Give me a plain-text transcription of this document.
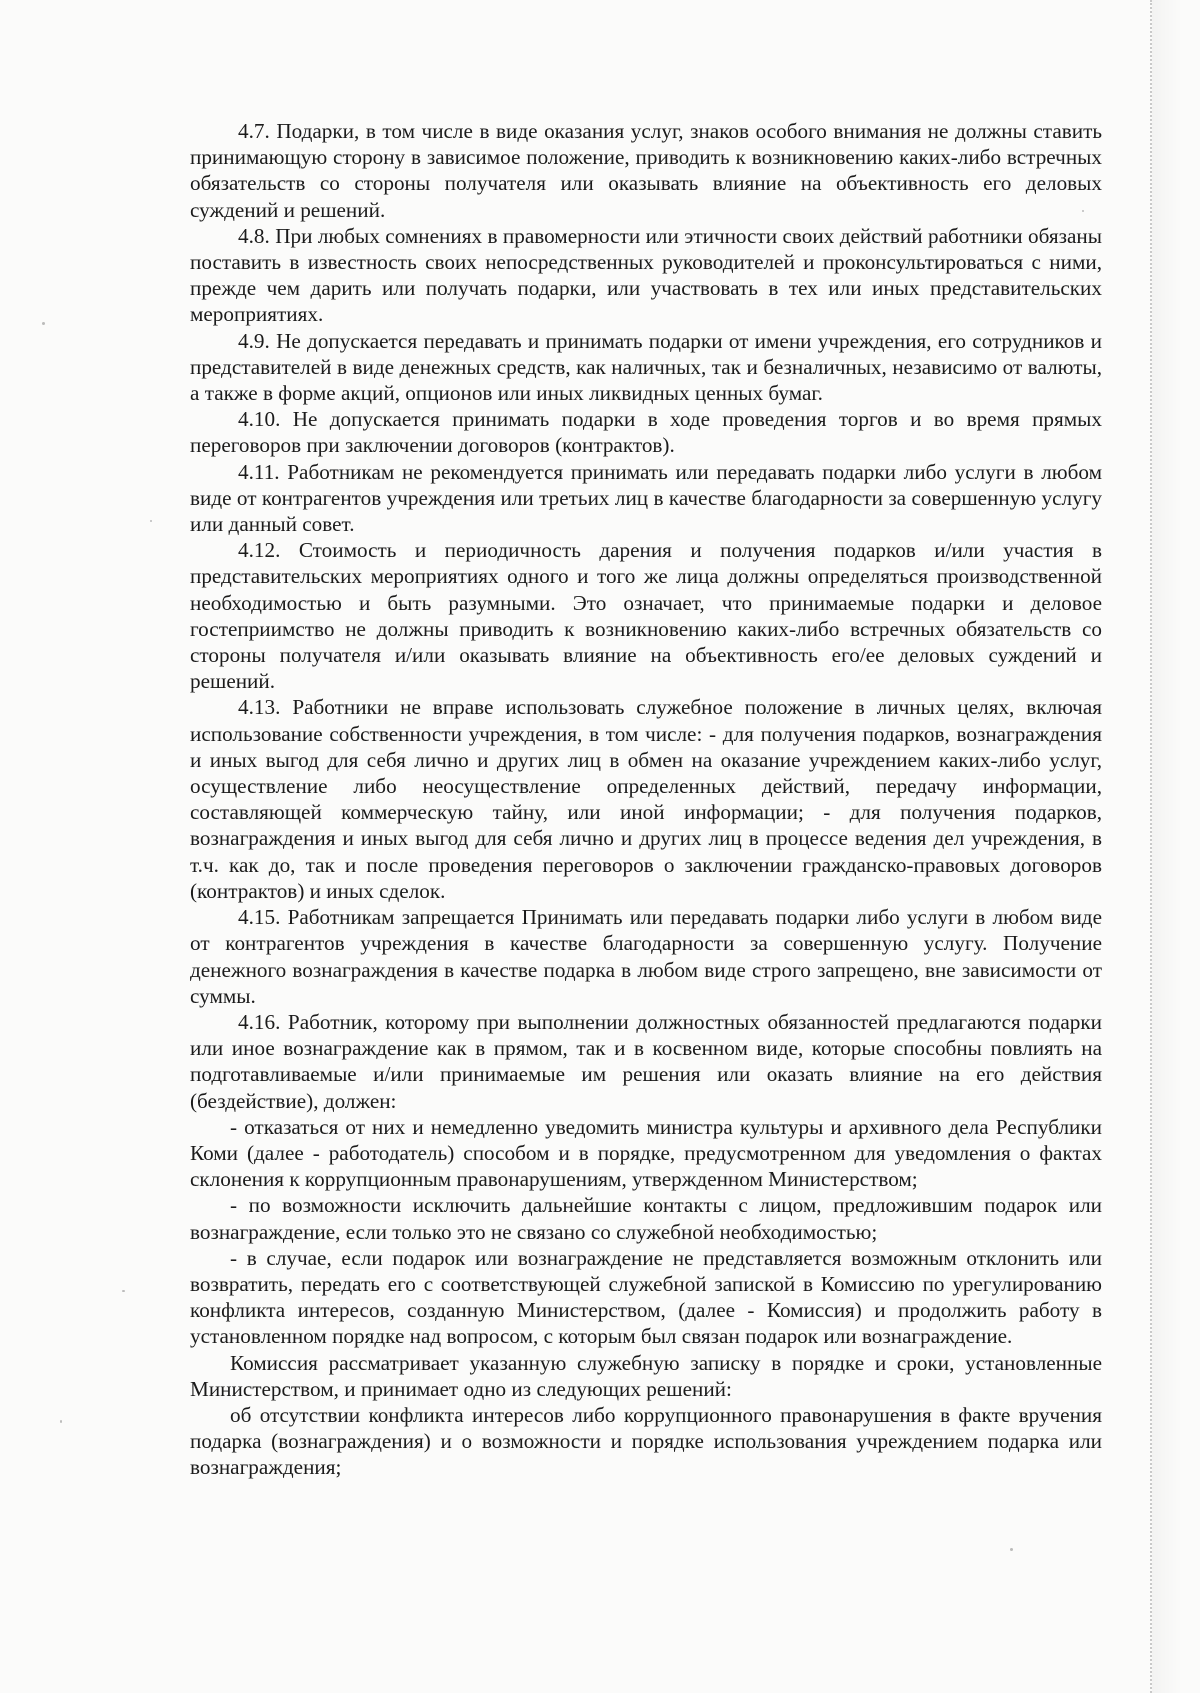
4.7. Подарки, в том числе в виде оказания услуг, знаков особого внимания не должны ставить принимающую сторону в зависимое положение, приводить к возникновению каких-либо встречных обязательств со стороны получателя или оказывать влияние на объективность его деловых суждений и решений.

4.8. При любых сомнениях в правомерности или этичности своих действий работники обязаны поставить в известность своих непосредственных руководителей и проконсультироваться с ними, прежде чем дарить или получать подарки, или участвовать в тех или иных представительских мероприятиях.

4.9. Не допускается передавать и принимать подарки от имени учреждения, его сотрудников и представителей в виде денежных средств, как наличных, так и безналичных, независимо от валюты, а также в форме акций, опционов или иных ликвидных ценных бумаг.

4.10. Не допускается принимать подарки в ходе проведения торгов и во время прямых переговоров при заключении договоров (контрактов).

4.11. Работникам не рекомендуется принимать или передавать подарки либо услуги в любом виде от контрагентов учреждения или третьих лиц в качестве благодарности за совершенную услугу или данный совет.

4.12. Стоимость и периодичность дарения и получения подарков и/или участия в представительских мероприятиях одного и того же лица должны определяться производственной необходимостью и быть разумными. Это означает, что принимаемые подарки и деловое гостеприимство не должны приводить к возникновению каких-либо встречных обязательств со стороны получателя и/или оказывать влияние на объективность его/ее деловых суждений и решений.

4.13. Работники не вправе использовать служебное положение в личных целях, включая использование собственности учреждения, в том числе: - для получения подарков, вознаграждения и иных выгод для себя лично и других лиц в обмен на оказание учреждением каких-либо услуг, осуществление либо неосуществление определенных действий, передачу информации, составляющей коммерческую тайну, или иной информации; - для получения подарков, вознаграждения и иных выгод для себя лично и других лиц в процессе ведения дел учреждения, в т.ч. как до, так и после проведения переговоров о заключении гражданско-правовых договоров (контрактов) и иных сделок.

4.15. Работникам запрещается Принимать или передавать подарки либо услуги в любом виде от контрагентов учреждения в качестве благодарности за совершенную услугу. Получение денежного вознаграждения в качестве подарка в любом виде строго запрещено, вне зависимости от суммы.

4.16. Работник, которому при выполнении должностных обязанностей предлагаются подарки или иное вознаграждение как в прямом, так и в косвенном виде, которые способны повлиять на подготавливаемые и/или принимаемые им решения или оказать влияние на его действия (бездействие), должен:

- отказаться от них и немедленно уведомить министра культуры и архивного дела Республики Коми (далее - работодатель) способом и в порядке, предусмотренном для уведомления о фактах склонения к коррупционным правонарушениям, утвержденном Министерством;

- по возможности исключить дальнейшие контакты с лицом, предложившим подарок или вознаграждение, если только это не связано со служебной необходимостью;

- в случае, если подарок или вознаграждение не представляется возможным отклонить или возвратить, передать его с соответствующей служебной запиской в Комиссию по урегулированию конфликта интересов, созданную Министерством, (далее - Комиссия) и продолжить работу в установленном порядке над вопросом, с которым был связан подарок или вознаграждение.

Комиссия рассматривает указанную служебную записку в порядке и сроки, установленные Министерством, и принимает одно из следующих решений:

об отсутствии конфликта интересов либо коррупционного правонарушения в факте вручения подарка (вознаграждения) и о возможности и порядке использования учреждением подарка или вознаграждения;
